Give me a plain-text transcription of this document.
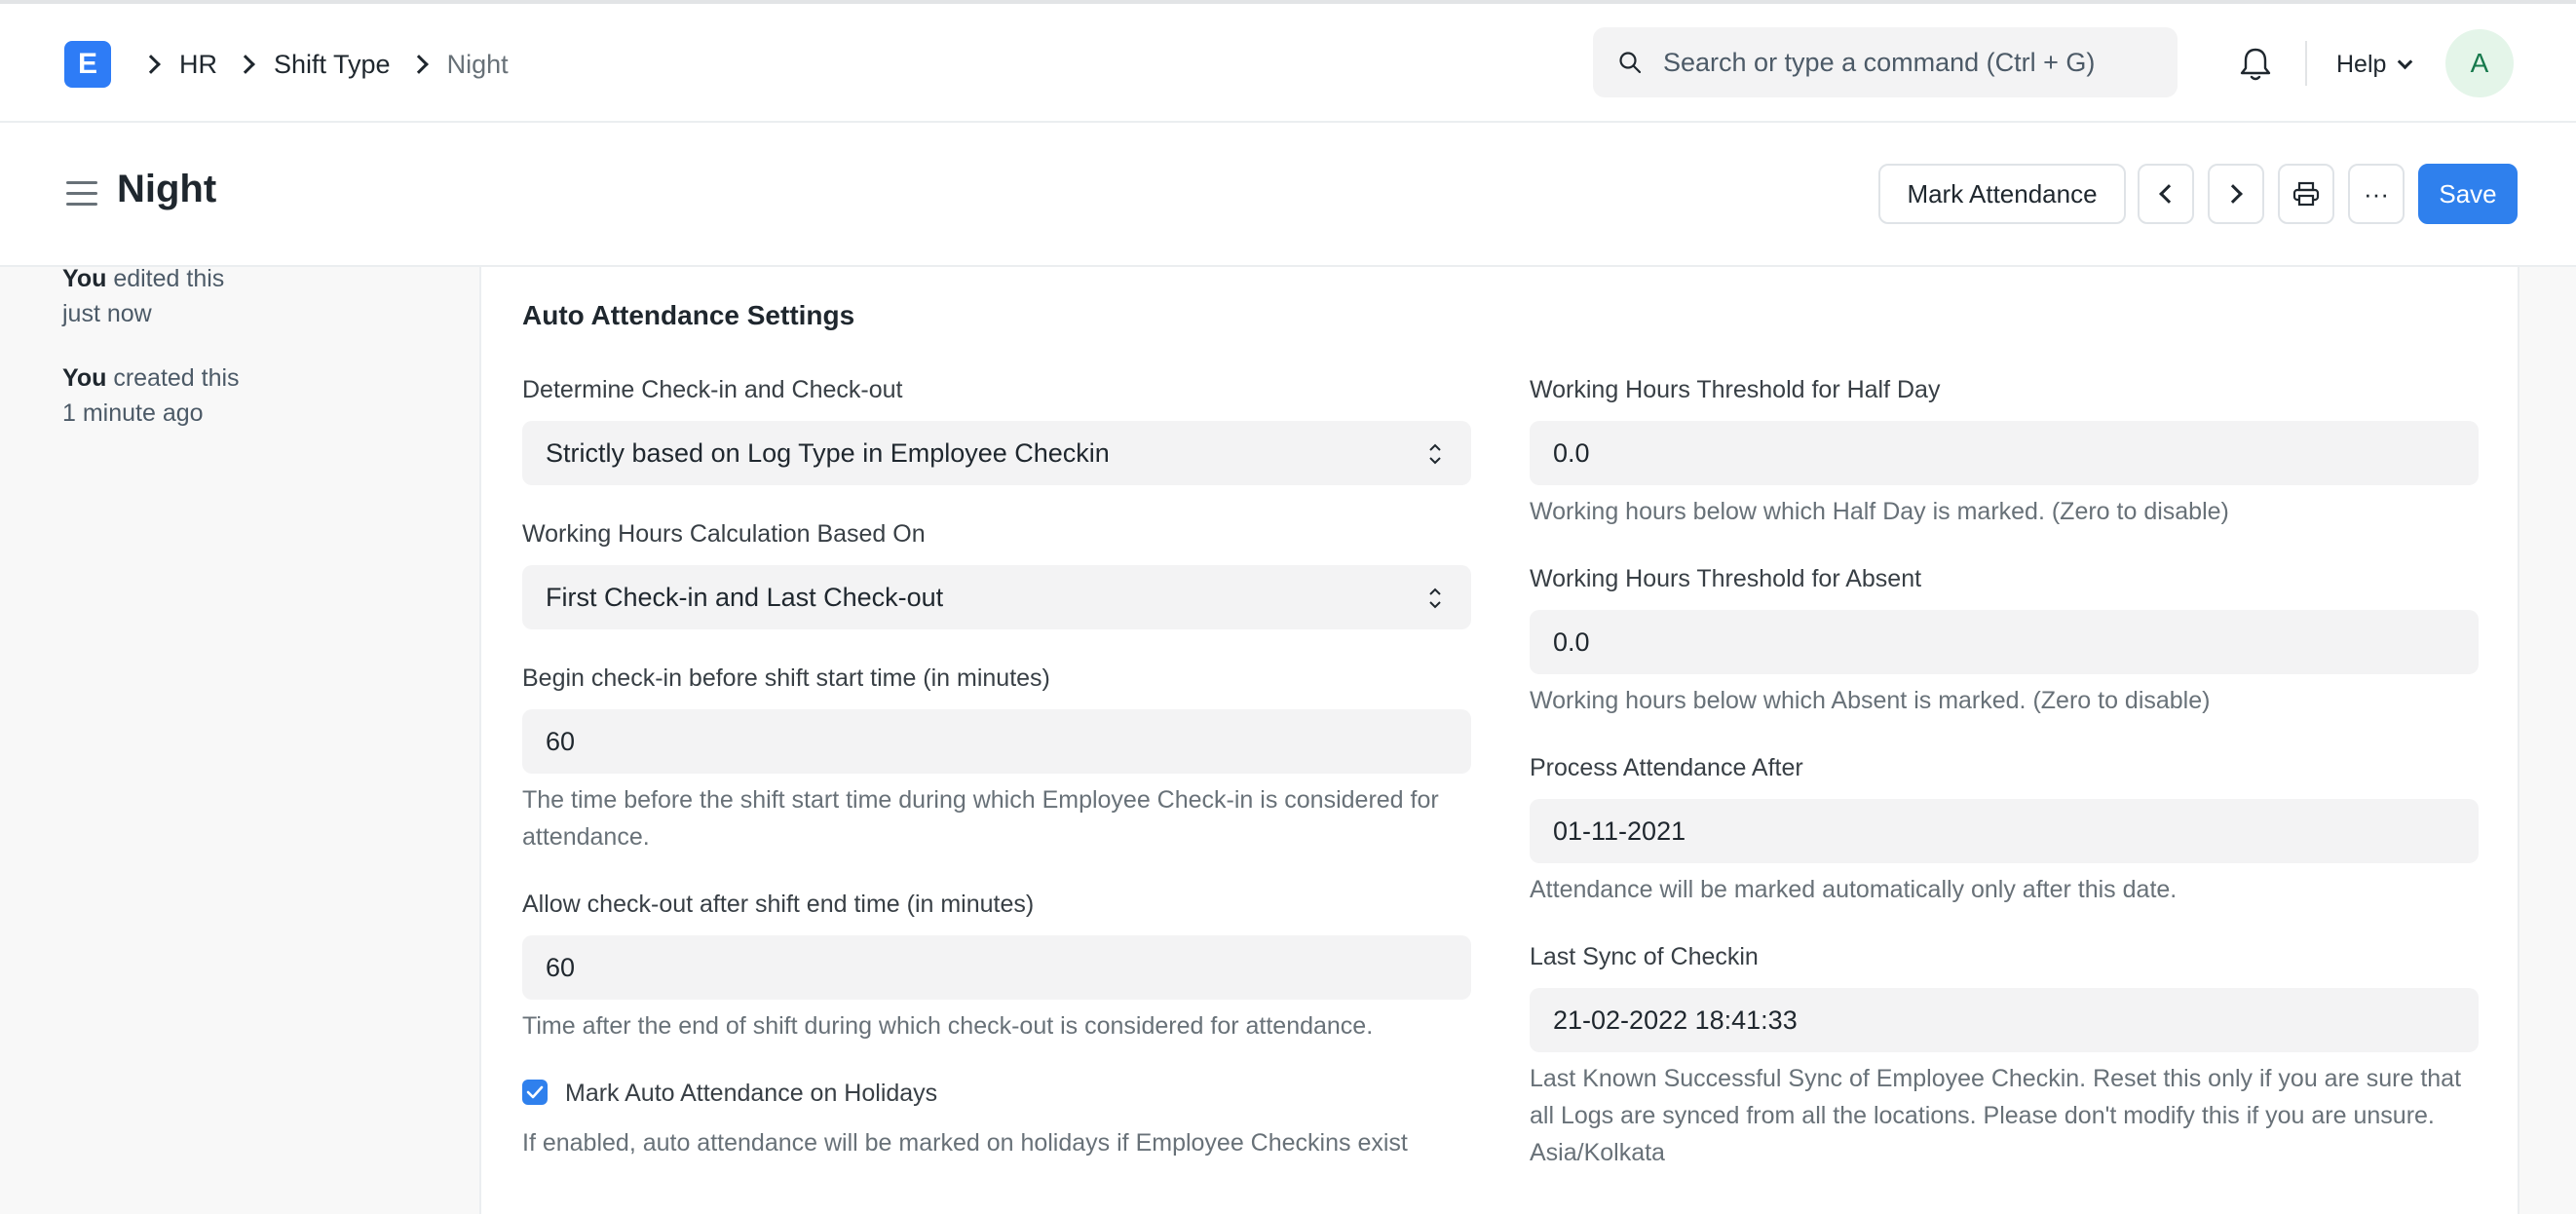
E	HR Shift Type Night
Search or type a command (Ctrl + G)	Help	A
Night	Mark Attendance	···	Save
You edited this
just now
You created this
1 minute ago
Auto Attendance Settings
Determine Check-in and Check-out
Strictly based on Log Type in Employee Checkin
Working Hours Calculation Based On
First Check-in and Last Check-out
Begin check-in before shift start time (in minutes)
60
The time before the shift start time during which Employee Check-in is considered for attendance.
Allow check-out after shift end time (in minutes)
60
Time after the end of shift during which check-out is considered for attendance.
Mark Auto Attendance on Holidays
If enabled, auto attendance will be marked on holidays if Employee Checkins exist
Working Hours Threshold for Half Day
0.0
Working hours below which Half Day is marked. (Zero to disable)
Working Hours Threshold for Absent
0.0
Working hours below which Absent is marked. (Zero to disable)
Process Attendance After
01-11-2021
Attendance will be marked automatically only after this date.
Last Sync of Checkin
21-02-2022 18:41:33
Last Known Successful Sync of Employee Checkin. Reset this only if you are sure that all Logs are synced from all the locations. Please don't modify this if you are unsure.
Asia/Kolkata
